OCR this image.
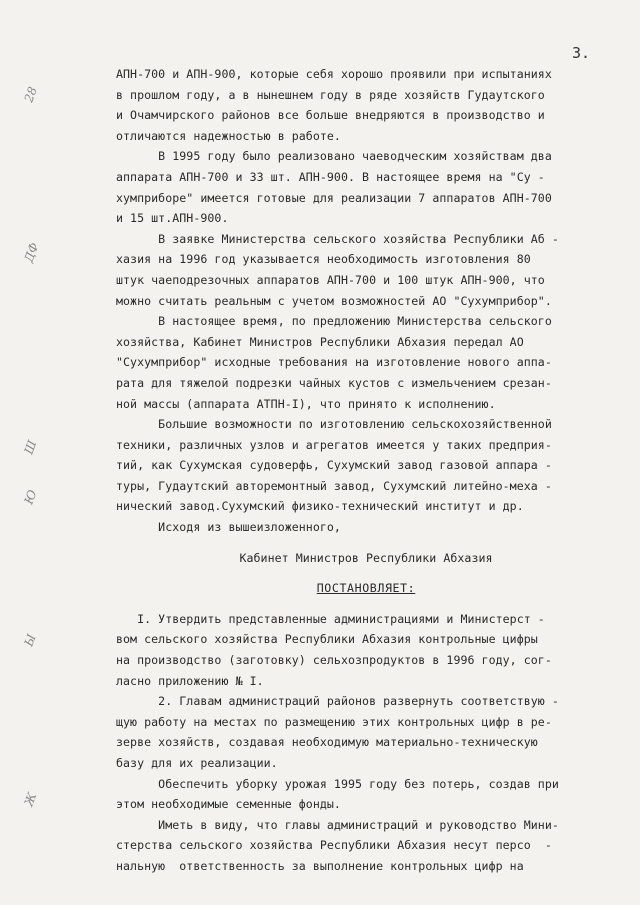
3.
28
ДФ
Ш
Ю
Ы
Ж
АПН-700 и АПН-900, которые себя хорошо проявили при испытаниях
в прошлом году, а в нынешнем году в ряде хозяйств Гудаутского
и Очамчирского районов все больше внедряются в производство и
отличаются надежностью в работе.
В 1995 году было реализовано чаеводческим хозяйствам два
аппарата АПН-700 и 33 шт. АПН-900. В настоящее время на "Су -
хумприборе" имеется готовые для реализации 7 аппаратов АПН-700
и 15 шт.АПН-900.
В заявке Министерства сельского хозяйства Республики Аб -
хазия на 1996 год указывается необходимость изготовления 80
штук чаеподрезочных аппаратов АПН-700 и 100 штук АПН-900, что
можно считать реальным с учетом возможностей АО "Сухумприбор".
В настоящее время, по предложению Министерства сельского
хозяйства, Кабинет Министров Республики Абхазия передал АО
"Сухумприбор" исходные требования на изготовление нового аппа-
рата для тяжелой подрезки чайных кустов с измельчением срезан-
ной массы (аппарата АТПН-I), что принято к исполнению.
Большие возможности по изготовлению сельскохозяйственной
техники, различных узлов и агрегатов имеется у таких предприя-
тий, как Сухумская судоверфь, Сухумский завод газовой аппара -
туры, Гудаутский авторемонтный завод, Сухумский литейно-меха -
нический завод.Сухумский физико-технический институт и др.
Исходя из вышеизложенного,
Кабинет Министров Республики Абхазия
ПОСТАНОВЛЯЕТ:
I. Утвердить представленные администрациями и Министерст -
вом сельского хозяйства Республики Абхазия контрольные цифры
на производство (заготовку) сельхозпродуктов в 1996 году, сог-
ласно приложению № I.
2. Главам администраций районов развернуть соответствую -
щую работу на местах по размещению этих контрольных цифр в ре-
зерве хозяйств, создавая необходимую материально-техническую
базу для их реализации.
Обеспечить уборку урожая 1995 году без потерь, создав при
этом необходимые семенные фонды.
Иметь в виду, что главы администраций и руководство Мини-
стерства сельского хозяйства Республики Абхазия несут персо  -
нальную  ответственность за выполнение контрольных цифр на
